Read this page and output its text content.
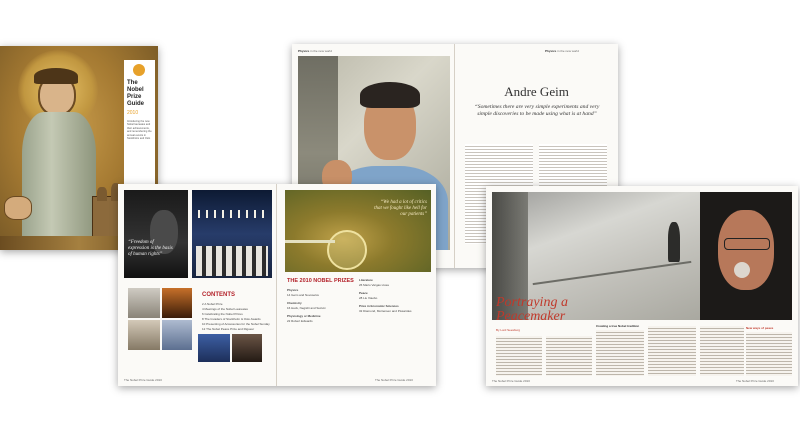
The
Nobel
Prize
Guide
2010
Introducing the new Nobel laureates and their achievements, and remembering the annual events in Stockholm and Oslo
Physics in the new world	Physics in the new world
Andre Geim
“Sometimes there are very simple experiments and very simple discoveries to be made using what is at hand”
“Freedom of expression is the basis of human rights”
CONTENTS
2 A Nobel Prize
4 Meetings of the Nobel Laureates
6 Celebrating the Nobel Prizes
8 The Invaders of Stockholm & Oslo Awards
10 Presenting of Accessories for the Nobel Sunday
12 The Nobel Peace Prize and Rigueur
The Nobel Prize Guide 2010
“We had a lot of critics that we fought like hell for our patients”
THE 2010 NOBEL PRIZES
Physics
14 Geim and Novoselov
Chemistry
16 Heck, Negishi and Suzuki
Physiology or Medicine
22 Robert Edwards
Literature
26 Mario Vargas Llosa
Peace
28 Liu Xiaobo
Prize in Economic Sciences
32 Diamond, Mortensen and Pissarides
The Nobel Prize Guide 2010
Portraying a
Peacemaker
By Lord Seesburg
Creating a true Nobel tradition	New ways of peace
The Nobel Prize Guide 2010	The Nobel Prize Guide 2010
